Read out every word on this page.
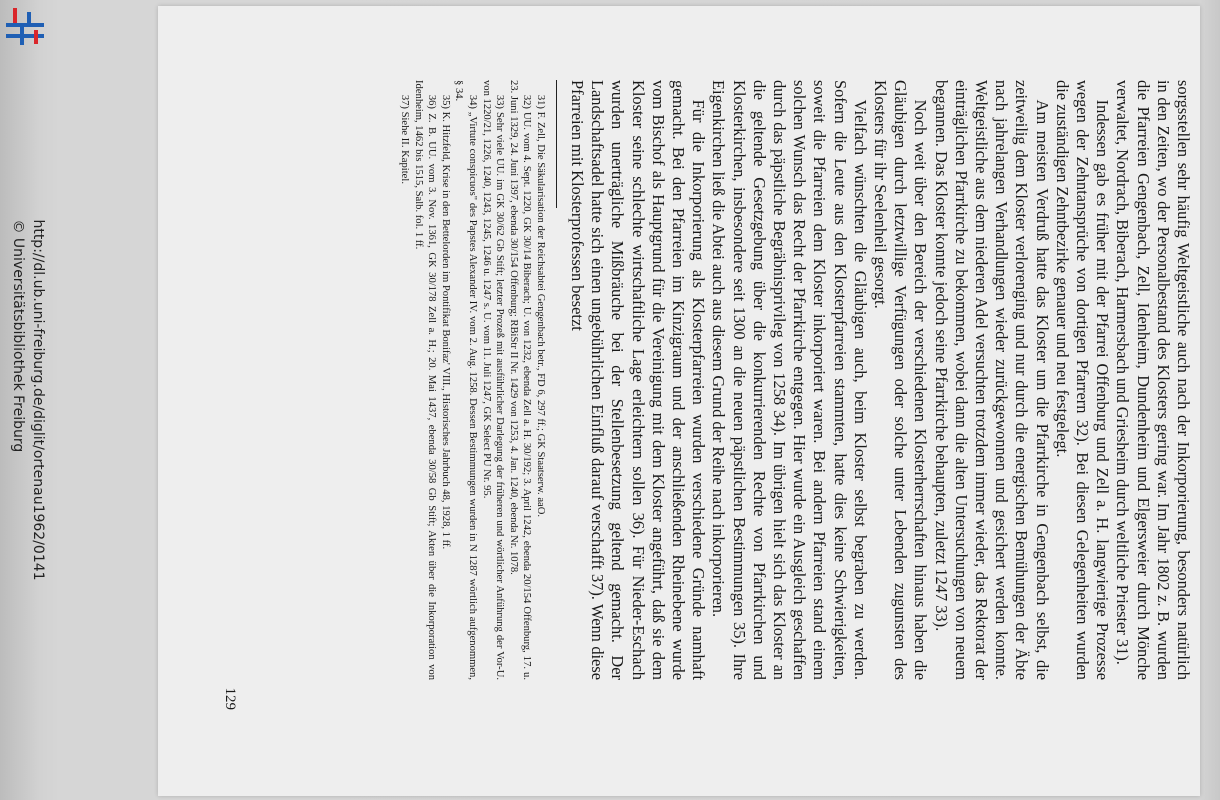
http://dl.ub.uni-freiburg.de/diglit/ortenau1962/0141
© Universitätsbibliothek Freiburg	sorgsstellen sehr häufig Weltgeistliche auch nach der Inkorporierung, besonders natürlich in den Zeiten, wo der Personalbestand des Klosters gering war. Im Jahr 1802 z. B. wurden die Pfarreien Gengenbach, Zell, Idenheim, Dundenheim und Elgersweier durch Mönche verwaltet, Nordrach, Biberach, Harmersbach und Griesheim durch weltliche Priester 31).

Indessen gab es früher mit der Pfarrei Offenburg und Zell a. H. langwierige Prozesse wegen der Zehntansprüche von dortigen Pfarrern 32). Bei diesen Gelegenheiten wurden die zuständigen Zehntbezirke genauer und neu festgelegt.

Am meisten Verdruß hatte das Kloster um die Pfarrkirche in Gengenbach selbst, die zeitweilig dem Kloster verlorenging und nur durch die energischen Bemühungen der Äbte nach jahrelangen Verhandlungen wieder zurückgewonnen und gesichert werden konnte. Weltgeistliche aus dem niederen Adel versuchten trotzdem immer wieder, das Rektorat der einträglichen Pfarrkirche zu bekommen, wobei dann die alten Untersuchungen von neuem begannen. Das Kloster konnte jedoch seine Pfarrkirche behaupten, zuletzt 1247 33).

Noch weit über den Bereich der verschiedenen Klosterherrschaften hinaus haben die Gläubigen durch letztwillige Verfügungen oder solche unter Lebenden zugunsten des Klosters für ihr Seelenheil gesorgt.

Vielfach wünschten die Gläubigen auch, beim Kloster selbst begraben zu werden. Sofern die Leute aus den Klosterpfarreien stammten, hatte dies keine Schwierigkeiten, soweit die Pfarreien dem Kloster inkorporiert waren. Bei andern Pfarreien stand einem solchen Wunsch das Recht der Pfarrkirche entgegen. Hier wurde ein Ausgleich geschaffen durch das päpstliche Begräbnisprivileg von 1258 34). Im übrigen hielt sich das Kloster an die geltende Gesetzgebung über die konkurrierenden Rechte von Pfarrkirchen und Klosterkirchen, insbesondere seit 1300 an die neuen päpstlichen Bestimmungen 35). Ihre Eigenkirchen ließ die Abtei auch aus diesem Grund der Reihe nach inkorporieren.

Für die Inkorporierung als Klosterpfarreien wurden verschiedene Gründe namhaft gemacht. Bei den Pfarreien im Kinzigraum und der anschließenden Rheinebene wurde vom Bischof als Hauptgrund für die Vereinigung mit dem Kloster angeführt, daß sie dem Kloster seine schlechte wirtschaftliche Lage erleichtern sollen 36). Für Nieder-Eschach wurden unerträgliche Mißbräuche bei der Stellenbesetzung geltend gemacht. Der Landschaftsadel hatte sich einen ungebührlichen Einfluß darauf verschafft 37). Wenn diese Pfarreien mit Klosterprofessen besetzt

31) F. Zell, Die Säkularisation der Reichsabtei Gengenbach betr., FD 6, 297 ff.; GK Staatserw. aaO.

32) UU. vom 4. Sept. 1220, GK 30/14 Biberach; U. von 1232, ebenda Zell a. H. 30/192; 3. April 1242, ebenda 20/154 Offenburg, 17. u. 23. Juni 1329, 24. Juni 1397, ebenda 30/154 Offenburg; RBiStr II Nr. 1429 von 1253, 4. Jan. 1240, ebenda Nr. 1078.

33) Sehr viele UU. im GK 30/62 Gb Stift; letzter Prozeß mit ausführlicher Darlegung der früheren und wörtlicher Anführung der Vor-U. von 1220/21, 1226, 1240, 1243, 1245, 1246 u. 1247 s. U. vom 11. Juli 1247, GK Select PU Nr. 95.

34) „Virtute conspicuos" des Papstes Alexander IV. vom 2. Aug. 1258. Dessen Bestimmungen wurden in N 1287 wörtlich aufgenommen, § 34.

35) K. Hitzfeld, Krise in den Bettelorden im Pontifikat Bonifaz' VIII., Historisches Jahrbuch 48, 1928, 1 ff.

36) Z. B. UU. vom 3. Nov. 1361, GK 30/178 Zell a. H.; 20. Mai 1437, ebenda 30/58 Gb Stift; Akten über die Inkorporation von Idenheim, 1462 bis 1515, Salb. fol. 1 ff.

37) Siehe II. Kapitel.

129
